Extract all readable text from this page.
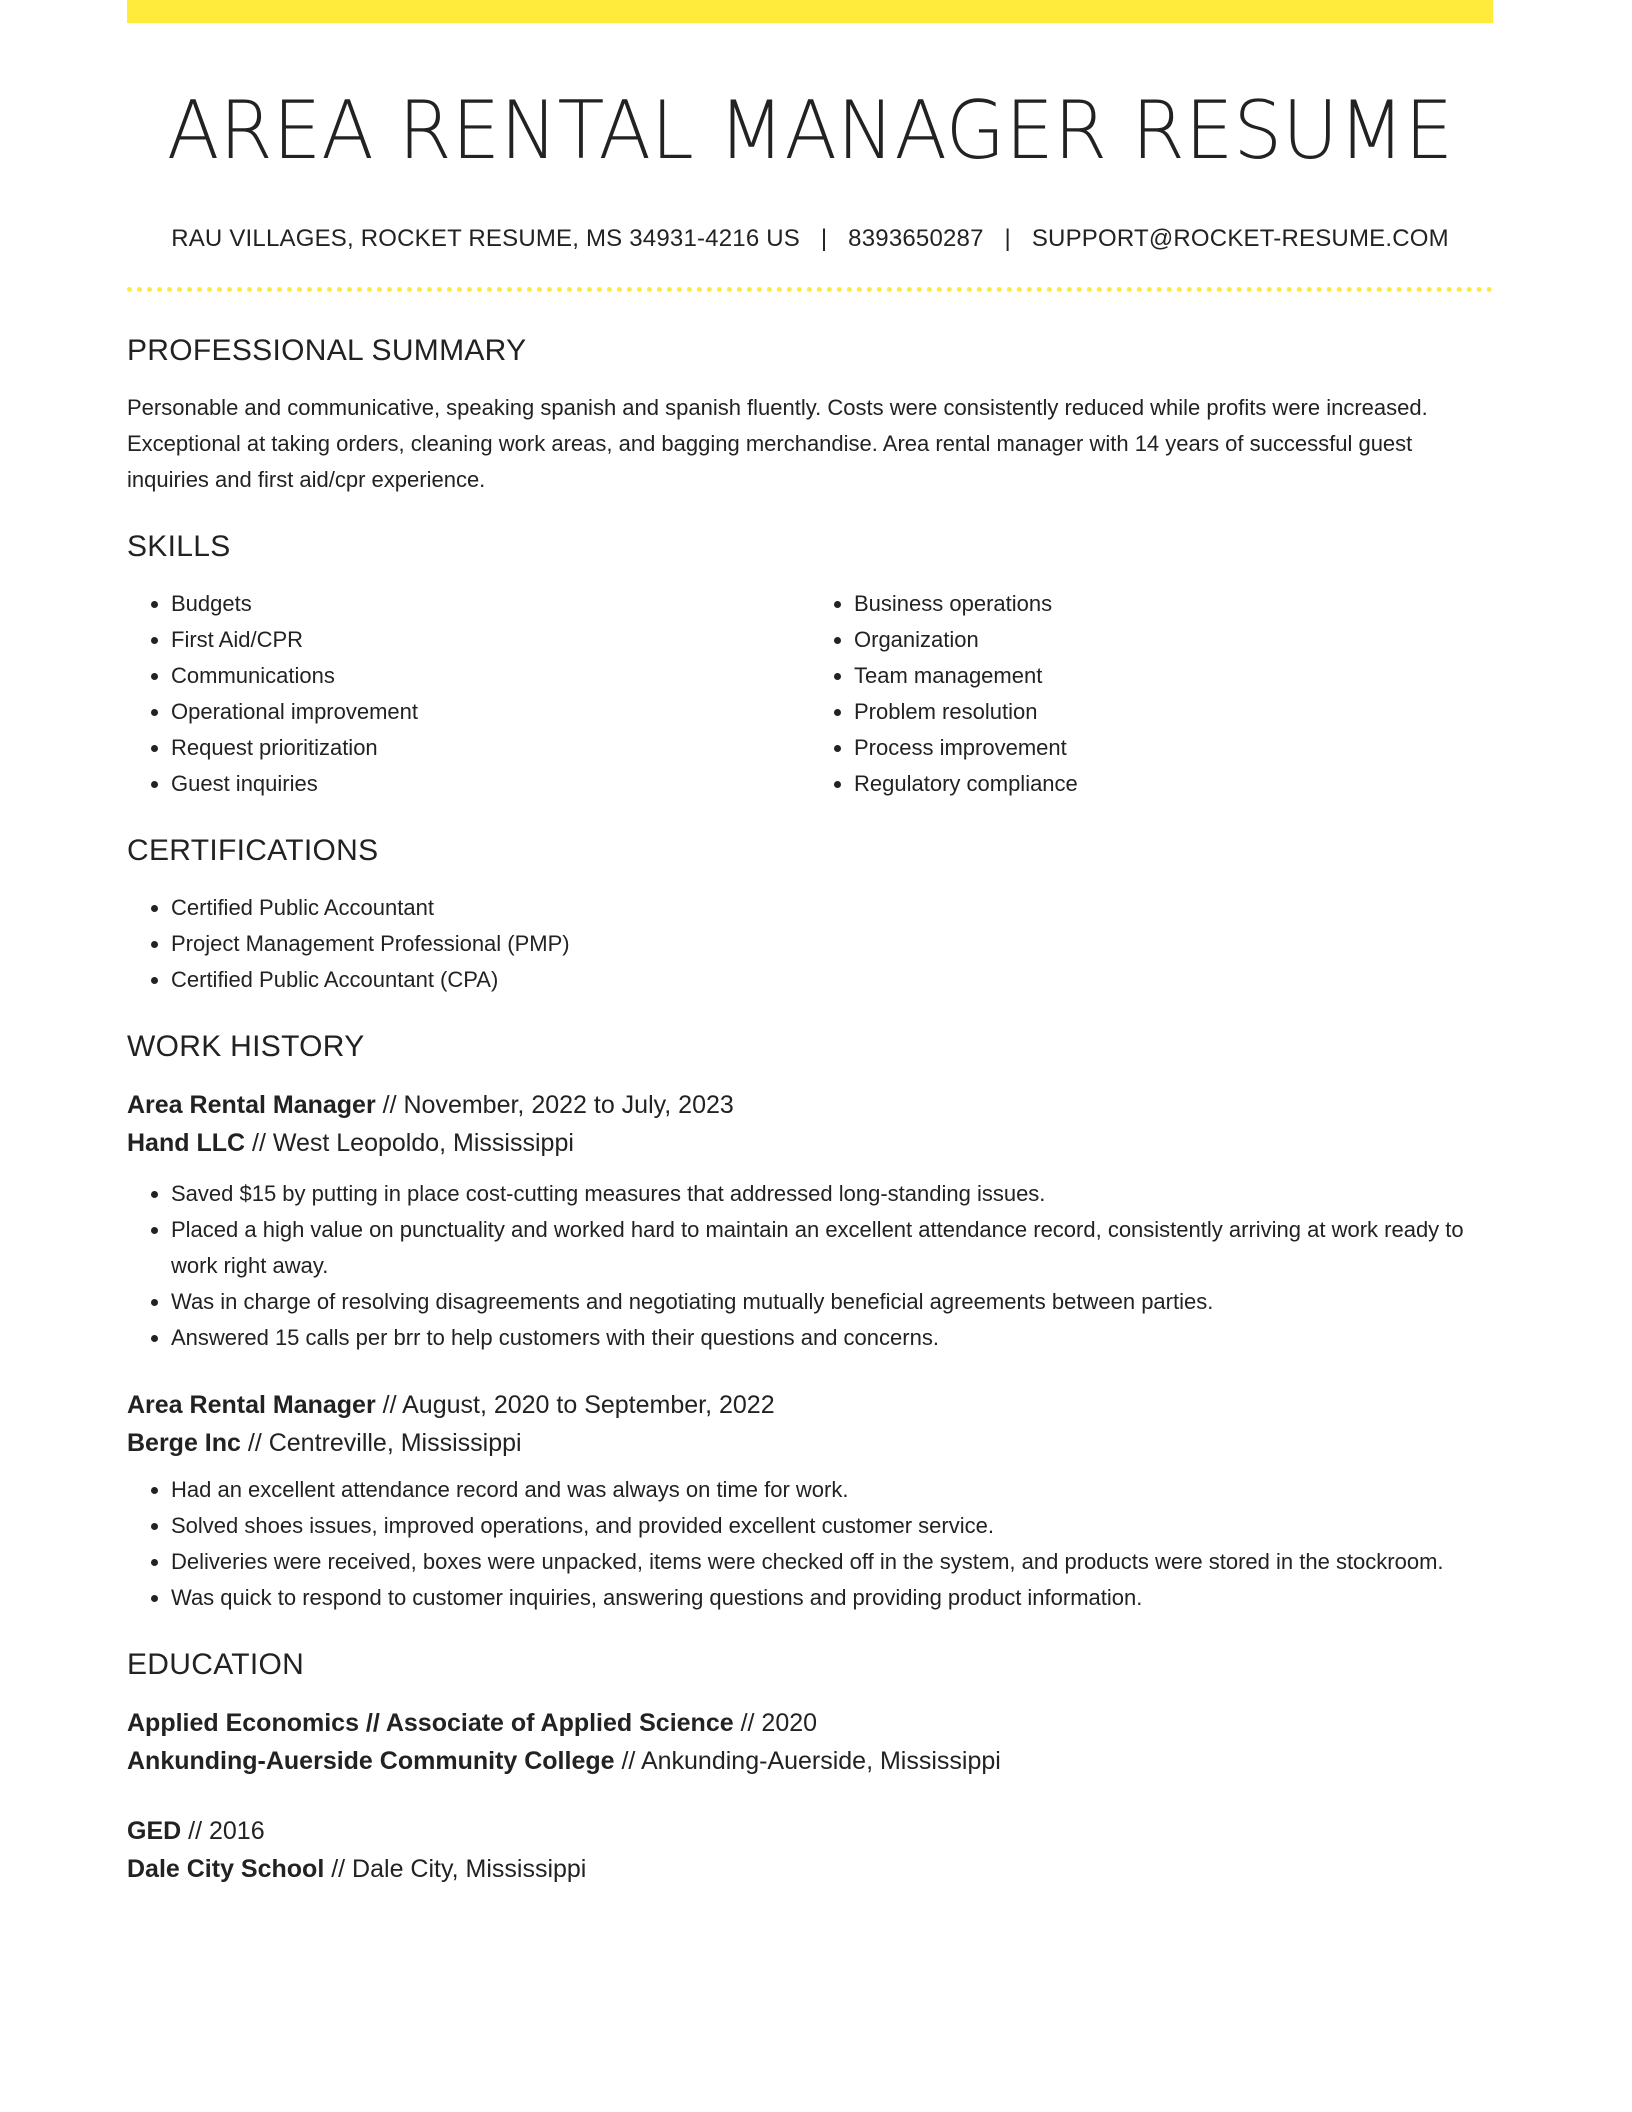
AREA RENTAL MANAGER RESUME
RAU VILLAGES, ROCKET RESUME, MS 34931-4216 US | 8393650287 | SUPPORT@ROCKET-RESUME.COM
PROFESSIONAL SUMMARY

Personable and communicative, speaking spanish and spanish fluently. Costs were consistently reduced while profits were increased. Exceptional at taking orders, cleaning work areas, and bagging merchandise. Area rental manager with 14 years of successful guest inquiries and first aid/cpr experience.

SKILLS
• Budgets
• First Aid/CPR
• Communications
• Operational improvement
• Request prioritization
• Guest inquiries
• Business operations
• Organization
• Team management
• Problem resolution
• Process improvement
• Regulatory compliance
CERTIFICATIONS
• Certified Public Accountant
• Project Management Professional (PMP)
• Certified Public Accountant (CPA)
WORK HISTORY
Area Rental Manager // November, 2022 to July, 2023
Hand LLC // West Leopoldo, Mississippi
• Saved $15 by putting in place cost-cutting measures that addressed long-standing issues.
• Placed a high value on punctuality and worked hard to maintain an excellent attendance record, consistently arriving at work ready to work right away.
• Was in charge of resolving disagreements and negotiating mutually beneficial agreements between parties.
• Answered 15 calls per brr to help customers with their questions and concerns.
Area Rental Manager // August, 2020 to September, 2022
Berge Inc // Centreville, Mississippi
• Had an excellent attendance record and was always on time for work.
• Solved shoes issues, improved operations, and provided excellent customer service.
• Deliveries were received, boxes were unpacked, items were checked off in the system, and products were stored in the stockroom.
• Was quick to respond to customer inquiries, answering questions and providing product information.
EDUCATION
Applied Economics // Associate of Applied Science // 2020
Ankunding-Auerside Community College // Ankunding-Auerside, Mississippi
GED // 2016
Dale City School // Dale City, Mississippi
